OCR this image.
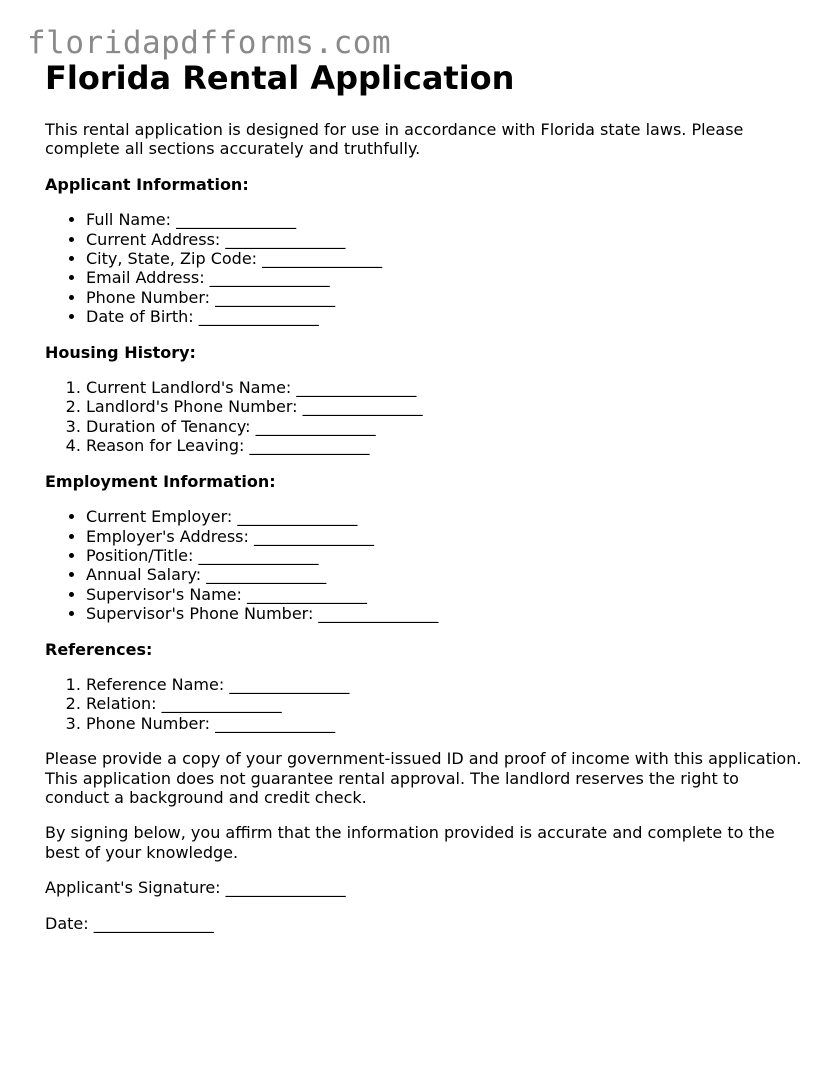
floridapdfforms.com
Florida Rental Application

This rental application is designed for use in accordance with Florida state laws. Please complete all sections accurately and truthfully.

Applicant Information:
• Full Name: _______________
• Current Address: _______________
• City, State, Zip Code: _______________
• Email Address: _______________
• Phone Number: _______________
• Date of Birth: _______________
Housing History:
1. Current Landlord's Name: _______________
2. Landlord's Phone Number: _______________
3. Duration of Tenancy: _______________
4. Reason for Leaving: _______________
Employment Information:
• Current Employer: _______________
• Employer's Address: _______________
• Position/Title: _______________
• Annual Salary: _______________
• Supervisor's Name: _______________
• Supervisor's Phone Number: _______________
References:
1. Reference Name: _______________
2. Relation: _______________
3. Phone Number: _______________

Please provide a copy of your government-issued ID and proof of income with this application. This application does not guarantee rental approval. The landlord reserves the right to conduct a background and credit check.

By signing below, you affirm that the information provided is accurate and complete to the best of your knowledge.

Applicant's Signature: _______________
Date: _______________
